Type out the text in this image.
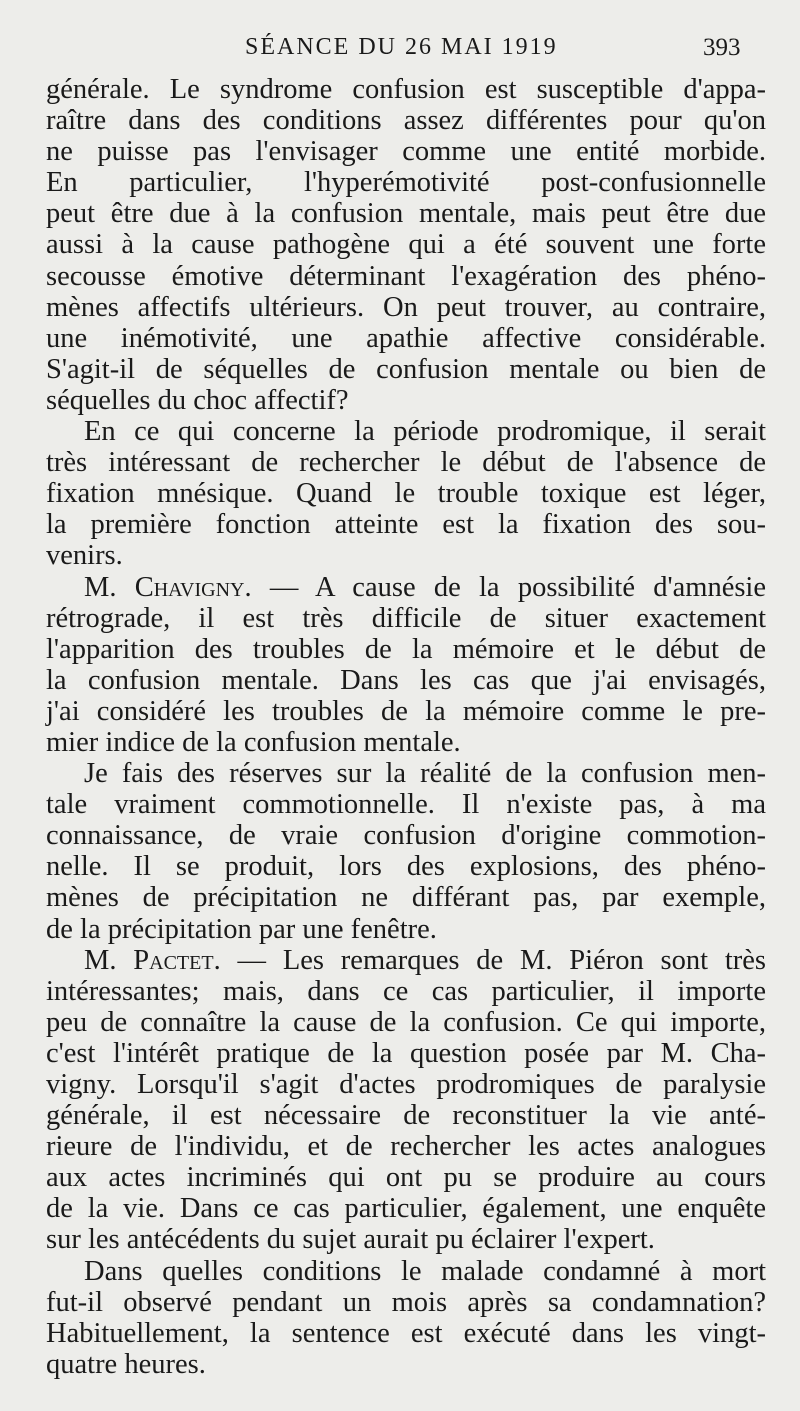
SÉANCE DU 26 MAI 1919	393
générale. Le syndrome confusion est susceptible d'appa-
raître dans des conditions assez différentes pour qu'on
ne puisse pas l'envisager comme une entité morbide.
En particulier, l'hyperémotivité post-confusionnelle
peut être due à la confusion mentale, mais peut être due
aussi à la cause pathogène qui a été souvent une forte
secousse émotive déterminant l'exagération des phéno-
mènes affectifs ultérieurs. On peut trouver, au contraire,
une inémotivité, une apathie affective considérable.
S'agit-il de séquelles de confusion mentale ou bien de
séquelles du choc affectif?
En ce qui concerne la période prodromique, il serait
très intéressant de rechercher le début de l'absence de
fixation mnésique. Quand le trouble toxique est léger,
la première fonction atteinte est la fixation des sou-
venirs.
M. Chavigny. — A cause de la possibilité d'amnésie
rétrograde, il est très difficile de situer exactement
l'apparition des troubles de la mémoire et le début de
la confusion mentale. Dans les cas que j'ai envisagés,
j'ai considéré les troubles de la mémoire comme le pre-
mier indice de la confusion mentale.
Je fais des réserves sur la réalité de la confusion men-
tale vraiment commotionnelle. Il n'existe pas, à ma
connaissance, de vraie confusion d'origine commotion-
nelle. Il se produit, lors des explosions, des phéno-
mènes de précipitation ne différant pas, par exemple,
de la précipitation par une fenêtre.
M. Pactet. — Les remarques de M. Piéron sont très
intéressantes; mais, dans ce cas particulier, il importe
peu de connaître la cause de la confusion. Ce qui importe,
c'est l'intérêt pratique de la question posée par M. Cha-
vigny. Lorsqu'il s'agit d'actes prodromiques de paralysie
générale, il est nécessaire de reconstituer la vie anté-
rieure de l'individu, et de rechercher les actes analogues
aux actes incriminés qui ont pu se produire au cours
de la vie. Dans ce cas particulier, également, une enquête
sur les antécédents du sujet aurait pu éclairer l'expert.
Dans quelles conditions le malade condamné à mort
fut-il observé pendant un mois après sa condamnation?
Habituellement, la sentence est exécuté dans les vingt-
quatre heures.
